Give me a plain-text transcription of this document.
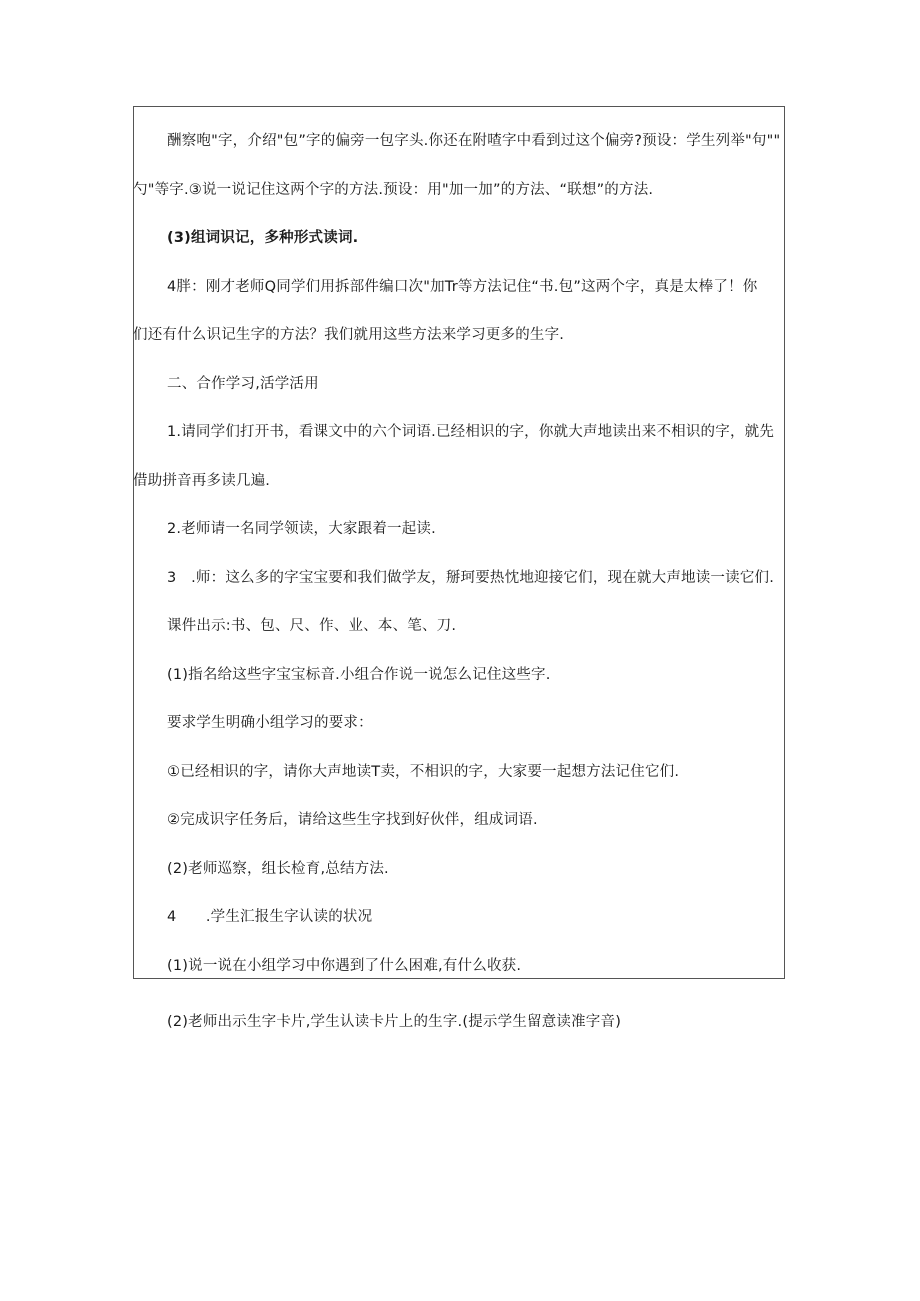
酬察咆"字，介绍"包”字的偏旁一包字头.你还在附喳字中看到过这个偏旁?预设：学生列举"句""
勺"等字.③说一说记住这两个字的方法.预设：用"加一加”的方法、“联想”的方法.
(3)组词识记，多种形式读词.
4胖：刚才老师Q同学们用拆部件编口次"加Tr等方法记住“书.包”这两个字，真是太棒了！你
们还有什么识记生字的方法？我们就用这些方法来学习更多的生字.
二、合作学习,活学活用
1.请同学们打开书，看课文中的六个词语.已经相识的字，你就大声地读出来不相识的字，就先
借助拼音再多读几遍.
2.老师请一名同学领读，大家跟着一起读.
3　.师：这么多的字宝宝要和我们做学友，掰珂要热忱地迎接它们，现在就大声地读一读它们.
课件出示:书、包、尺、作、业、本、笔、刀.
(1)指名给这些字宝宝标音.小组合作说一说怎么记住这些字.
要求学生明确小组学习的要求：
①已经相识的字，请你大声地读T卖，不相识的字，大家要一起想方法记住它们.
②完成识字任务后，请给这些生字找到好伙伴，组成词语.
(2)老师巡察，组长检育,总结方法.
4　　.学生汇报生字认读的状况
(1)说一说在小组学习中你遇到了什么困难,有什么收获.
(2)老师出示生字卡片,学生认读卡片上的生字.(提示学生留意读准字音)
